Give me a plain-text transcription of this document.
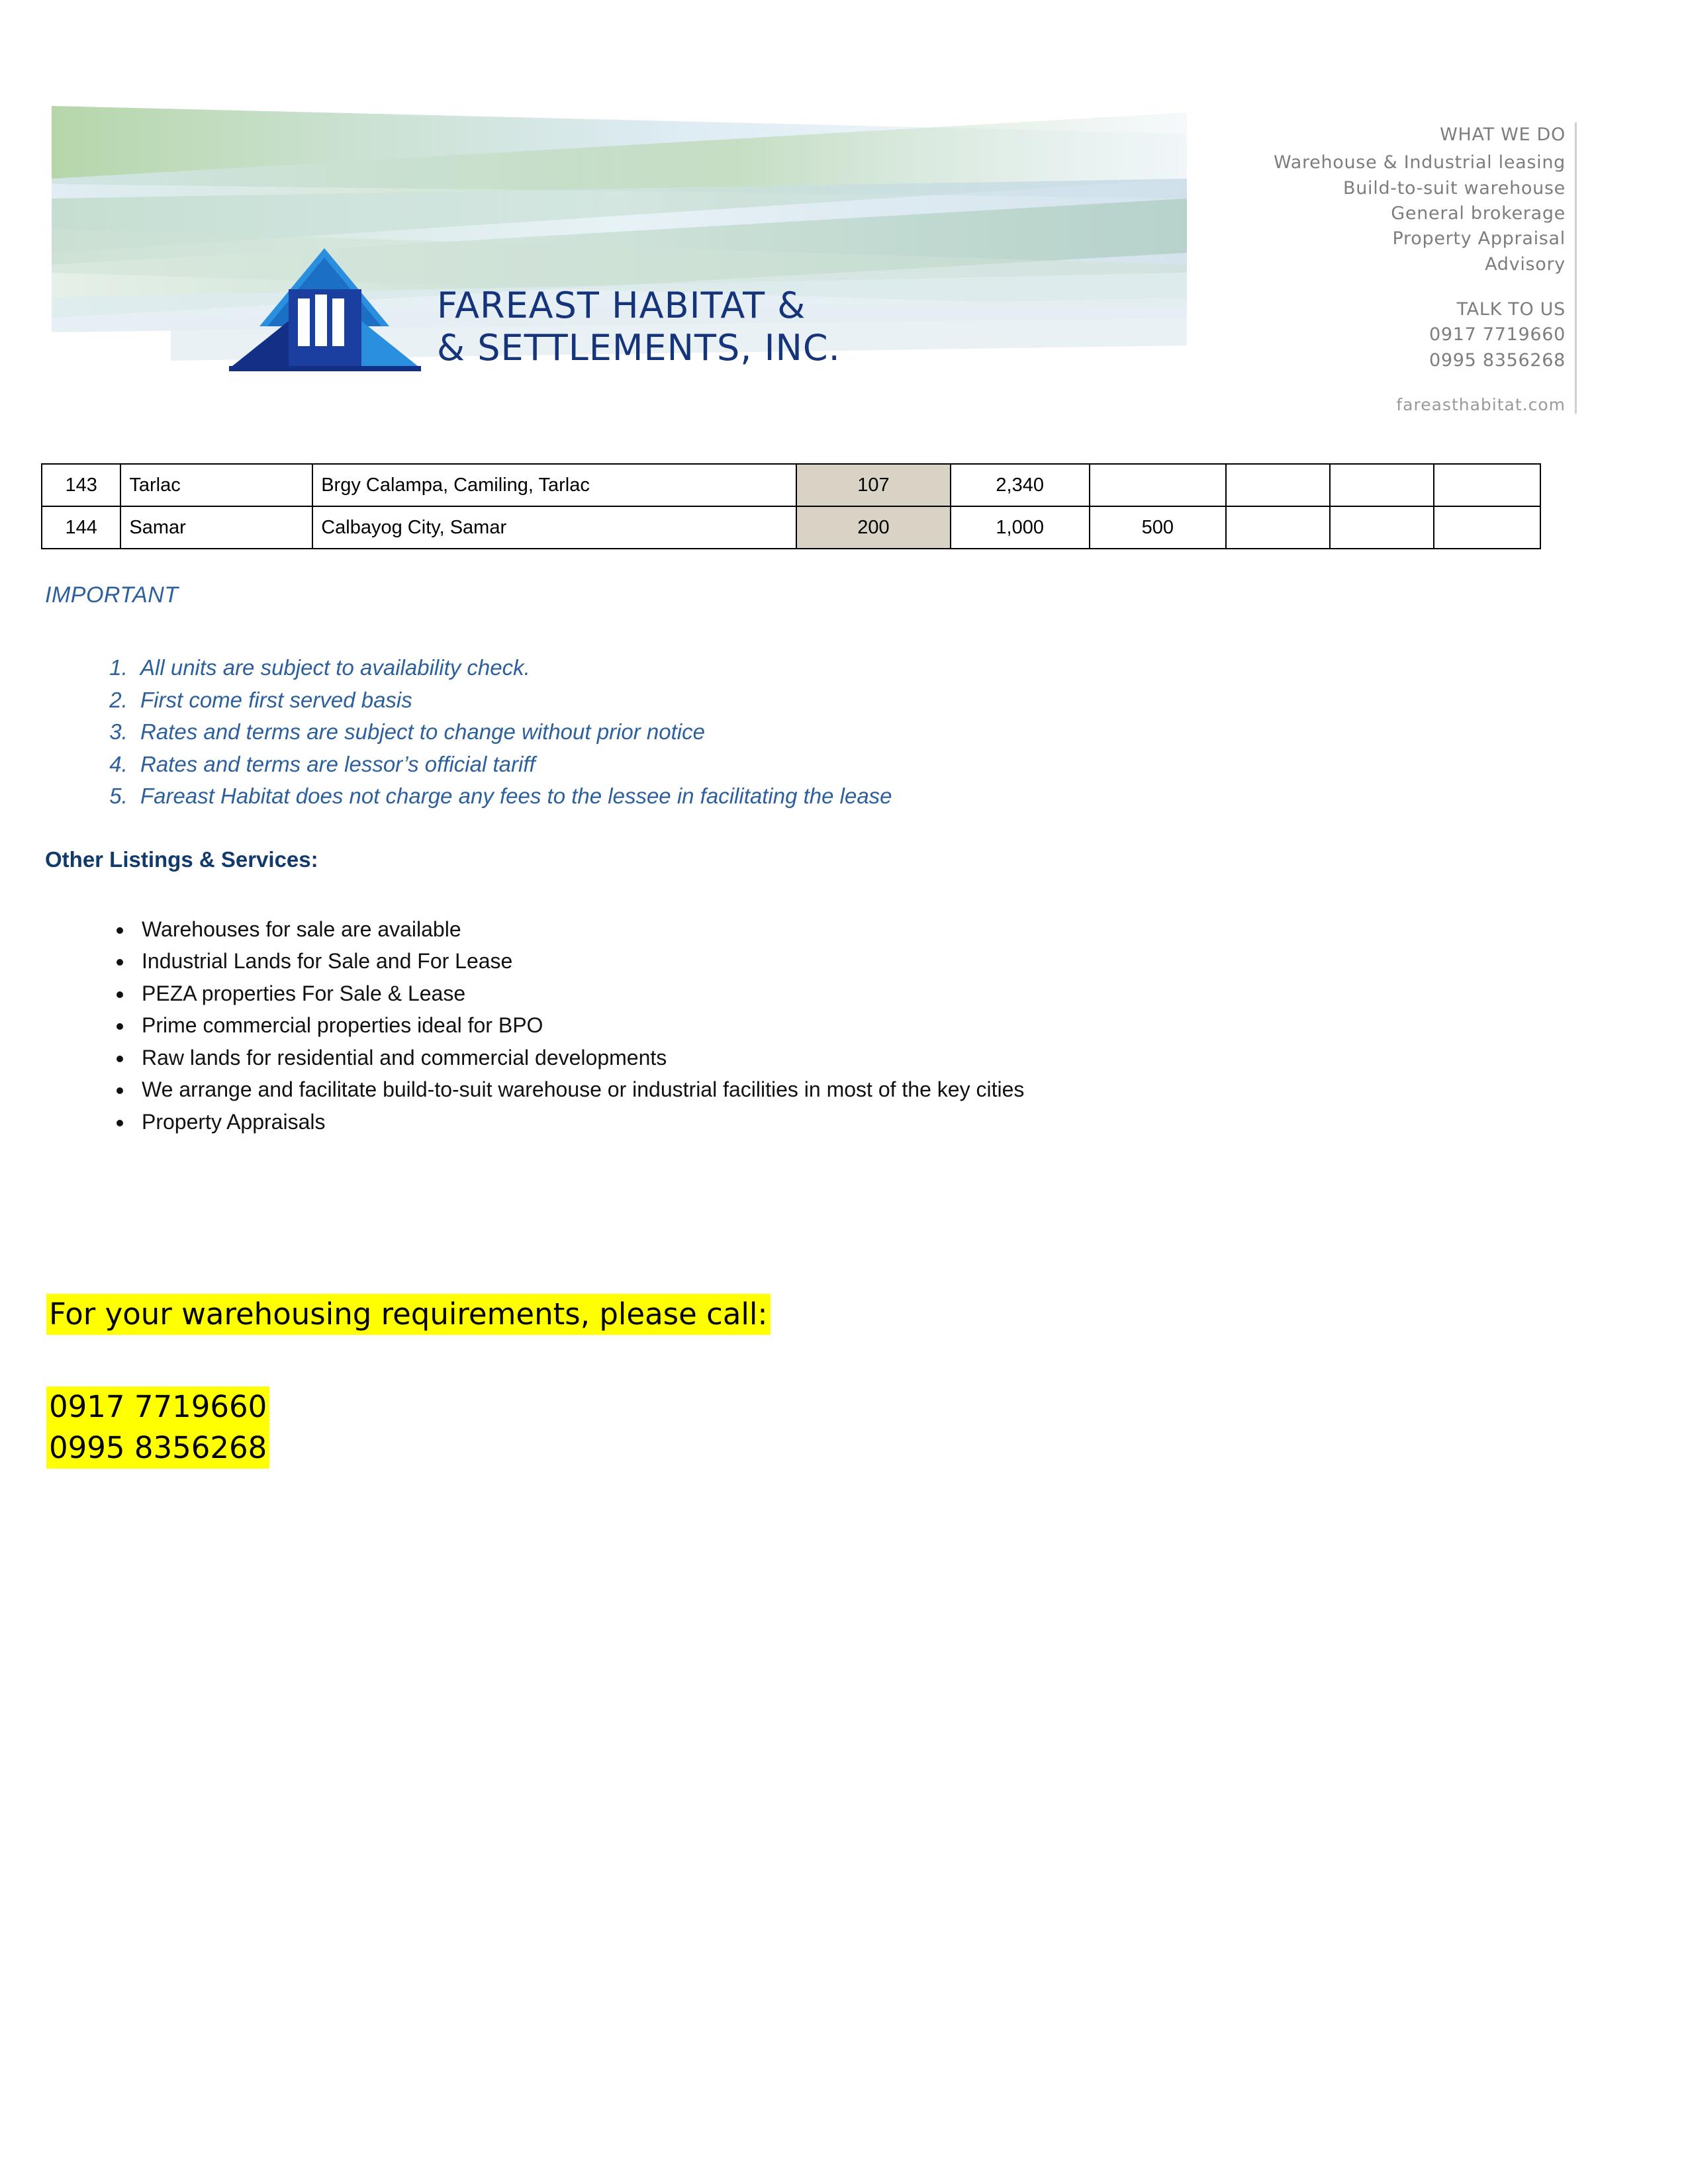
FAREAST HABITAT &
& SETTLEMENTS, INC.
WHAT WE DO
Warehouse & Industrial leasing
Build-to-suit warehouse
General brokerage
Property Appraisal
Advisory
TALK TO US
0917 7719660
0995 8356268
fareasthabitat.com
143	Tarlac	Brgy Calampa, Camiling, Tarlac	107	2,340				
144	Samar	Calbayog City, Samar	200	1,000	500			
IMPORTANT
1. All units are subject to availability check.
2. First come first served basis
3. Rates and terms are subject to change without prior notice
4. Rates and terms are lessor’s official tariff
5. Fareast Habitat does not charge any fees to the lessee in facilitating the lease
Other Listings & Services:
• Warehouses for sale are available
• Industrial Lands for Sale and For Lease
• PEZA properties For Sale & Lease
• Prime commercial properties ideal for BPO
• Raw lands for residential and commercial developments
• We arrange and facilitate build-to-suit warehouse or industrial facilities in most of the key cities
• Property Appraisals
For your warehousing requirements, please call:
0917 7719660
0995 8356268
